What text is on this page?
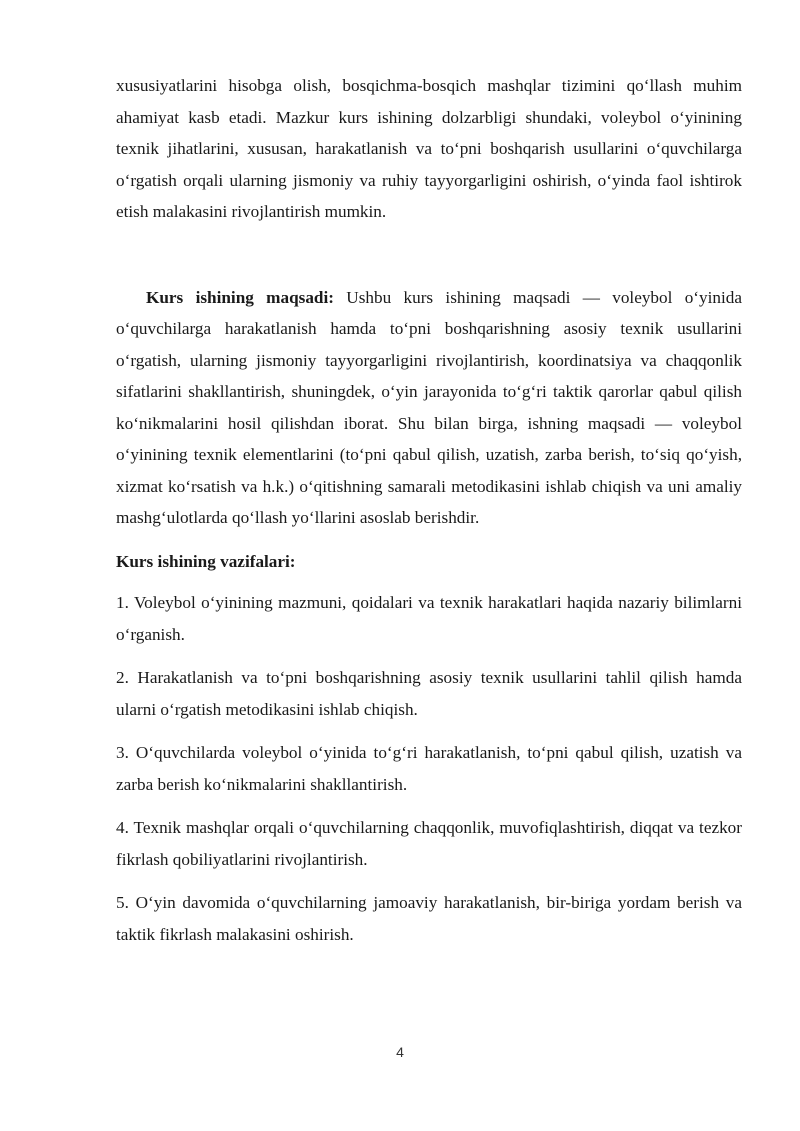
xususiyatlarini hisobga olish, bosqichma-bosqich mashqlar tizimini qo‘llash muhim ahamiyat kasb etadi. Mazkur kurs ishining dolzarbligi shundaki, voleybol o‘yinining texnik jihatlarini, xususan, harakatlanish va to‘pni boshqarish usullarini o‘quvchilarga o‘rgatish orqali ularning jismoniy va ruhiy tayyorgarligini oshirish, o‘yinda faol ishtirok etish malakasini rivojlantirish mumkin.

Kurs ishining maqsadi: Ushbu kurs ishining maqsadi — voleybol o‘yinida o‘quvchilarga harakatlanish hamda to‘pni boshqarishning asosiy texnik usullarini o‘rgatish, ularning jismoniy tayyorgarligini rivojlantirish, koordinatsiya va chaqqonlik sifatlarini shakllantirish, shuningdek, o‘yin jarayonida to‘g‘ri taktik qarorlar qabul qilish ko‘nikmalarini hosil qilishdan iborat. Shu bilan birga, ishning maqsadi — voleybol o‘yinining texnik elementlarini (to‘pni qabul qilish, uzatish, zarba berish, to‘siq qo‘yish, xizmat ko‘rsatish va h.k.) o‘qitishning samarali metodikasini ishlab chiqish va uni amaliy mashg‘ulotlarda qo‘llash yo‘llarini asoslab berishdir.

Kurs ishining vazifalari:

1. Voleybol o‘yinining mazmuni, qoidalari va texnik harakatlari haqida nazariy bilimlarni o‘rganish.

2. Harakatlanish va to‘pni boshqarishning asosiy texnik usullarini tahlil qilish hamda ularni o‘rgatish metodikasini ishlab chiqish.

3. O‘quvchilarda voleybol o‘yinida to‘g‘ri harakatlanish, to‘pni qabul qilish, uzatish va zarba berish ko‘nikmalarini shakllantirish.

4. Texnik mashqlar orqali o‘quvchilarning chaqqonlik, muvofiqlashtirish, diqqat va tezkor fikrlash qobiliyatlarini rivojlantirish.

5. O‘yin davomida o‘quvchilarning jamoaviy harakatlanish, bir-biriga yordam berish va taktik fikrlash malakasini oshirish.

4
